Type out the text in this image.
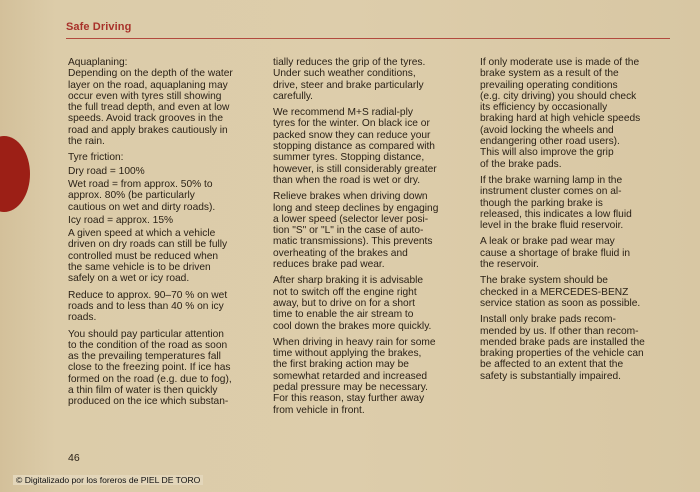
Safe Driving

Aquaplaning:
Depending on the depth of the water
layer on the road, aquaplaning may
occur even with tyres still showing
the full tread depth, and even at low
speeds. Avoid track grooves in the
road and apply brakes cautiously in
the rain.

Tyre friction:

Dry road = 100%

Wet road = from approx. 50% to
approx. 80% (be particularly
cautious on wet and dirty roads).

Icy road = approx. 15%

A given speed at which a vehicle
driven on dry roads can still be fully
controlled must be reduced when
the same vehicle is to be driven
safely on a wet or icy road.

Reduce to approx. 90–70 % on wet
roads and to less than 40 % on icy
roads.

You should pay particular attention
to the condition of the road as soon
as the prevailing temperatures fall
close to the freezing point. If ice has
formed on the road (e.g. due to fog),
a thin film of water is then quickly
produced on the ice which substan-

tially reduces the grip of the tyres.
Under such weather conditions,
drive, steer and brake particularly
carefully.

We recommend M+S radial-ply
tyres for the winter. On black ice or
packed snow they can reduce your
stopping distance as compared with
summer tyres. Stopping distance,
however, is still considerably greater
than when the road is wet or dry.

Relieve brakes when driving down
long and steep declines by engaging
a lower speed (selector lever posi-
tion "S" or "L" in the case of auto-
matic transmissions). This prevents
overheating of the brakes and
reduces brake pad wear.

After sharp braking it is advisable
not to switch off the engine right
away, but to drive on for a short
time to enable the air stream to
cool down the brakes more quickly.

When driving in heavy rain for some
time without applying the brakes,
the first braking action may be
somewhat retarded and increased
pedal pressure may be necessary.
For this reason, stay further away
from vehicle in front.

If only moderate use is made of the
brake system as a result of the
prevailing operating conditions
(e.g. city driving) you should check
its efficiency by occasionally
braking hard at high vehicle speeds
(avoid locking the wheels and
endangering other road users).
This will also improve the grip
of the brake pads.

If the brake warning lamp in the
instrument cluster comes on al-
though the parking brake is
released, this indicates a low fluid
level in the brake fluid reservoir.

A leak or brake pad wear may
cause a shortage of brake fluid in
the reservoir.

The brake system should be
checked in a MERCEDES-BENZ
service station as soon as possible.

Install only brake pads recom-
mended by us. If other than recom-
mended brake pads are installed the
braking properties of the vehicle can
be affected to an extent that the
safety is substantially impaired.

46
© Digitalizado por los foreros de PIEL DE TORO
